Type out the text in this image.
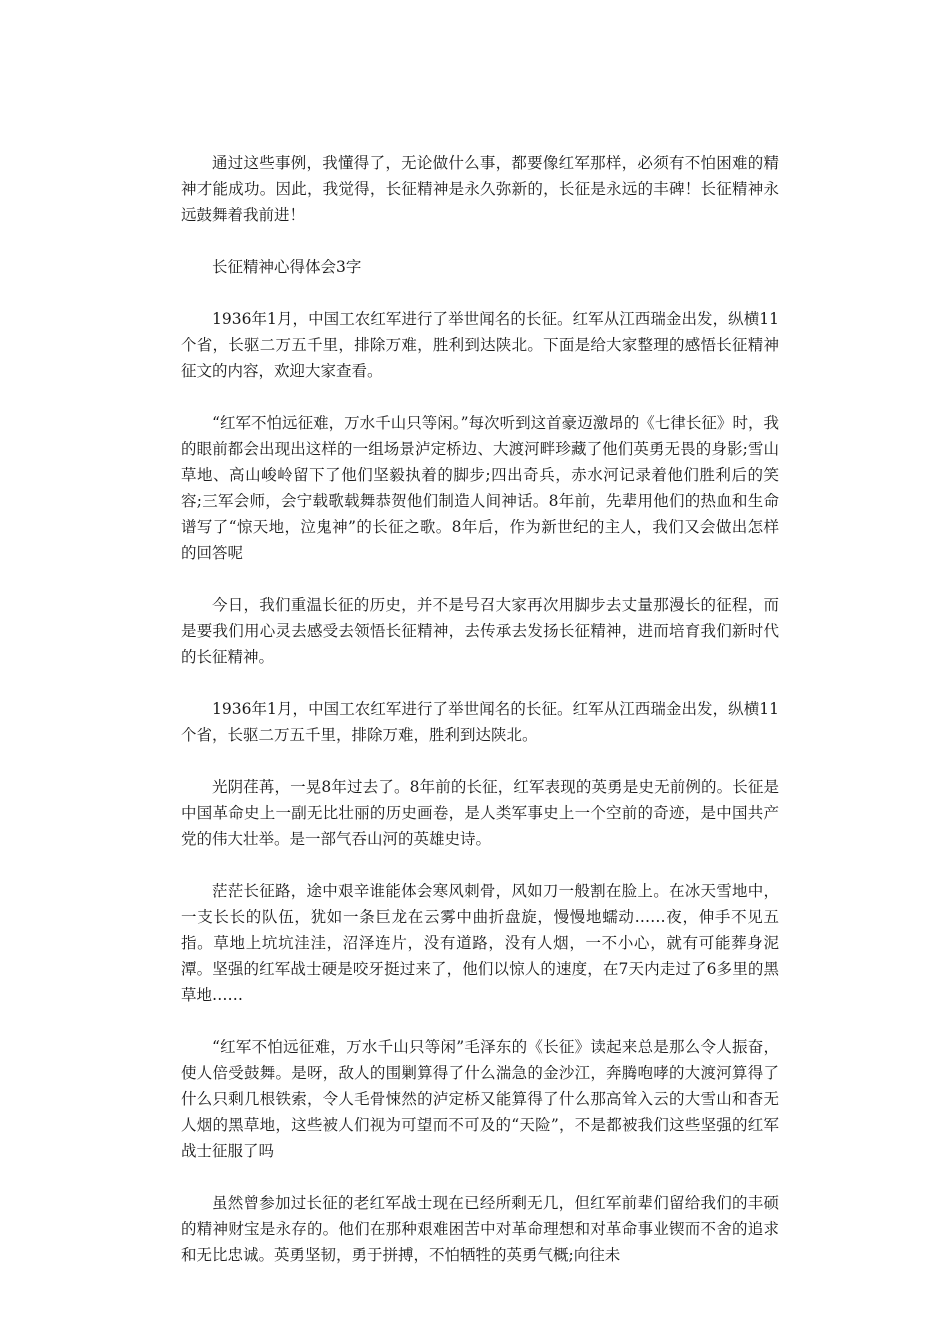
通过这些事例，我懂得了，无论做什么事，都要像红军那样，必须有不怕困难的精神才能成功。因此，我觉得，长征精神是永久弥新的，长征是永远的丰碑！长征精神永远鼓舞着我前进！

长征精神心得体会3字

1936年1月，中国工农红军进行了举世闻名的长征。红军从江西瑞金出发，纵横11个省，长驱二万五千里，排除万难，胜利到达陕北。下面是给大家整理的感悟长征精神征文的内容，欢迎大家查看。

“红军不怕远征难，万水千山只等闲。”每次听到这首豪迈激昂的《七律长征》时，我的眼前都会出现出这样的一组场景泸定桥边、大渡河畔珍藏了他们英勇无畏的身影;雪山草地、高山峻岭留下了他们坚毅执着的脚步;四出奇兵，赤水河记录着他们胜利后的笑容;三军会师，会宁载歌载舞恭贺他们制造人间神话。8年前，先辈用他们的热血和生命谱写了“惊天地，泣鬼神”的长征之歌。8年后，作为新世纪的主人，我们又会做出怎样的回答呢

今日，我们重温长征的历史，并不是号召大家再次用脚步去丈量那漫长的征程，而是要我们用心灵去感受去领悟长征精神，去传承去发扬长征精神，进而培育我们新时代的长征精神。

1936年1月，中国工农红军进行了举世闻名的长征。红军从江西瑞金出发，纵横11个省，长驱二万五千里，排除万难，胜利到达陕北。

光阴荏苒，一晃8年过去了。8年前的长征，红军表现的英勇是史无前例的。长征是中国革命史上一副无比壮丽的历史画卷，是人类军事史上一个空前的奇迹，是中国共产党的伟大壮举。是一部气吞山河的英雄史诗。

茫茫长征路，途中艰辛谁能体会寒风刺骨，风如刀一般割在脸上。在冰天雪地中，一支长长的队伍，犹如一条巨龙在云雾中曲折盘旋，慢慢地蠕动……夜，伸手不见五指。草地上坑坑洼洼，沼泽连片，没有道路，没有人烟，一不小心，就有可能葬身泥潭。坚强的红军战士硬是咬牙挺过来了，他们以惊人的速度，在7天内走过了6多里的黑草地……

“红军不怕远征难，万水千山只等闲”毛泽东的《长征》读起来总是那么令人振奋，使人倍受鼓舞。是呀，敌人的围剿算得了什么湍急的金沙江，奔腾咆哮的大渡河算得了什么只剩几根铁索，令人毛骨悚然的泸定桥又能算得了什么那高耸入云的大雪山和杳无人烟的黑草地，这些被人们视为可望而不可及的“天险”，不是都被我们这些坚强的红军战士征服了吗

虽然曾参加过长征的老红军战士现在已经所剩无几，但红军前辈们留给我们的丰硕的精神财宝是永存的。他们在那种艰难困苦中对革命理想和对革命事业锲而不舍的追求和无比忠诚。英勇坚韧，勇于拼搏，不怕牺牲的英勇气概;向往未
